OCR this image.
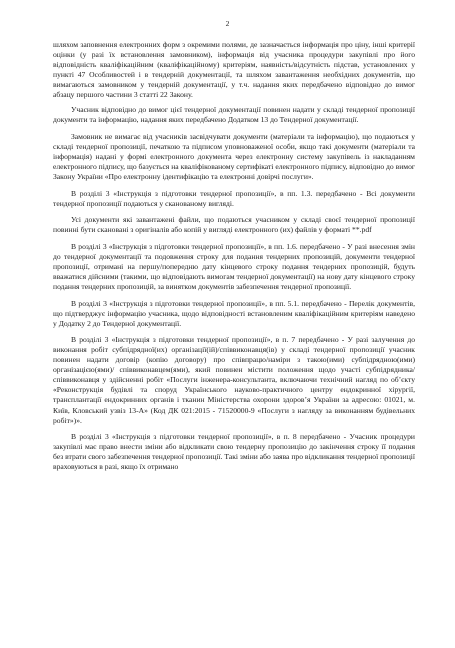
2

шляхом заповнення електронних форм з окремими полями, де зазначається інформація про ціну, інші критерії оцінки (у разі їх встановлення замовником), інформація від учасника процедури закупівлі про його відповідність кваліфікаційним (кваліфікаційному) критеріям, наявність/відсутність підстав, установлених у пункті 47 Особливостей і в тендерній документації, та шляхом завантаження необхідних документів, що вимагаються замовником у тендерній документації, у т.ч. надання яких передбачено відповідно до вимог абзацу першого частини 3 статті 22 Закону.

Учасник відповідно до вимог цієї тендерної документації повинен надати у складі тендерної пропозиції документи та інформацію, надання яких передбачено Додатком 13 до Тендерної документації.

Замовник не вимагає від учасників засвідчувати документи (матеріали та інформацію), що подаються у складі тендерної пропозиції, печаткою та підписом уповноваженої особи, якщо такі документи (матеріали та інформація) надані у формі електронного документа через електронну систему закупівель із накладанням електронного підпису, що базується на кваліфікованому сертифікаті електронного підпису, відповідно до вимог Закону України «Про електронну ідентифікацію та електронні довірчі послуги».

В розділі 3 «Інструкція з підготовки тендерної пропозиції», в пп. 1.3. передбачено - Всі документи тендерної пропозиції подаються у сканованому вигляді.

Усі документи які завантажені файли, що подаються учасником у складі своєї тендерної пропозиції повинні бути скановані з оригіналів або копій у вигляді електронного (их) файлів у форматі **.pdf

В розділі 3 «Інструкція з підготовки тендерної пропозиції», в пп. 1.6. передбачено - У разі внесення змін до тендерної документації та подовження строку для подання тендерних пропозицій, документи тендерної пропозиції, отримані на першу/попередню дату кінцевого строку подання тендерних пропозицій, будуть вважатися дійсними (такими, що відповідають вимогам тендерної документації) на нову дату кінцевого строку подання тендерних пропозицій, за винятком документів забезпечення тендерної пропозиції.

В розділі 3 «Інструкція з підготовки тендерної пропозиції», в пп. 5.1. передбачено - Перелік документів, що підтверджує інформацію учасника, щодо відповідності встановленим кваліфікаційним критеріям наведено у Додатку 2 до Тендерної документації.

В розділі 3 «Інструкція з підготовки тендерної пропозиції», в п. 7 передбачено - У разі залучення до виконання робіт субпідрядної(их) організації(ій)/співвиконавця(ів) у складі тендерної пропозиції учасник повинен надати договір (копію договору) про співпрацю/наміри з такою(ими) субпідрядною(ими) організацією(ями)/ співвиконавцем(ями), який повинен містити положення щодо участі субпідрядника/співвиконавця у здійсненні робіт «Послуги інженера-консультанта, включаючи технічний нагляд по об’єкту «Реконструкція будівлі та споруд Українського науково-практичного центру ендокринної хірургії, трансплантації ендокринних органів і тканин Міністерства охорони здоров’я України за адресою: 01021, м. Київ, Кловський узвіз 13-А» (Код ДК 021:2015 - 71520000-9 «Послуги з нагляду за виконанням будівельних робіт»)».

В розділі 3 «Інструкція з підготовки тендерної пропозиції», в п. 8 передбачено - Учасник процедури закупівлі має право внести зміни або відкликати свою тендерну пропозицію до закінчення строку її подання без втрати свого забезпечення тендерної пропозиції. Такі зміни або заява про відкликання тендерної пропозиції враховуються в разі, якщо їх отримано
